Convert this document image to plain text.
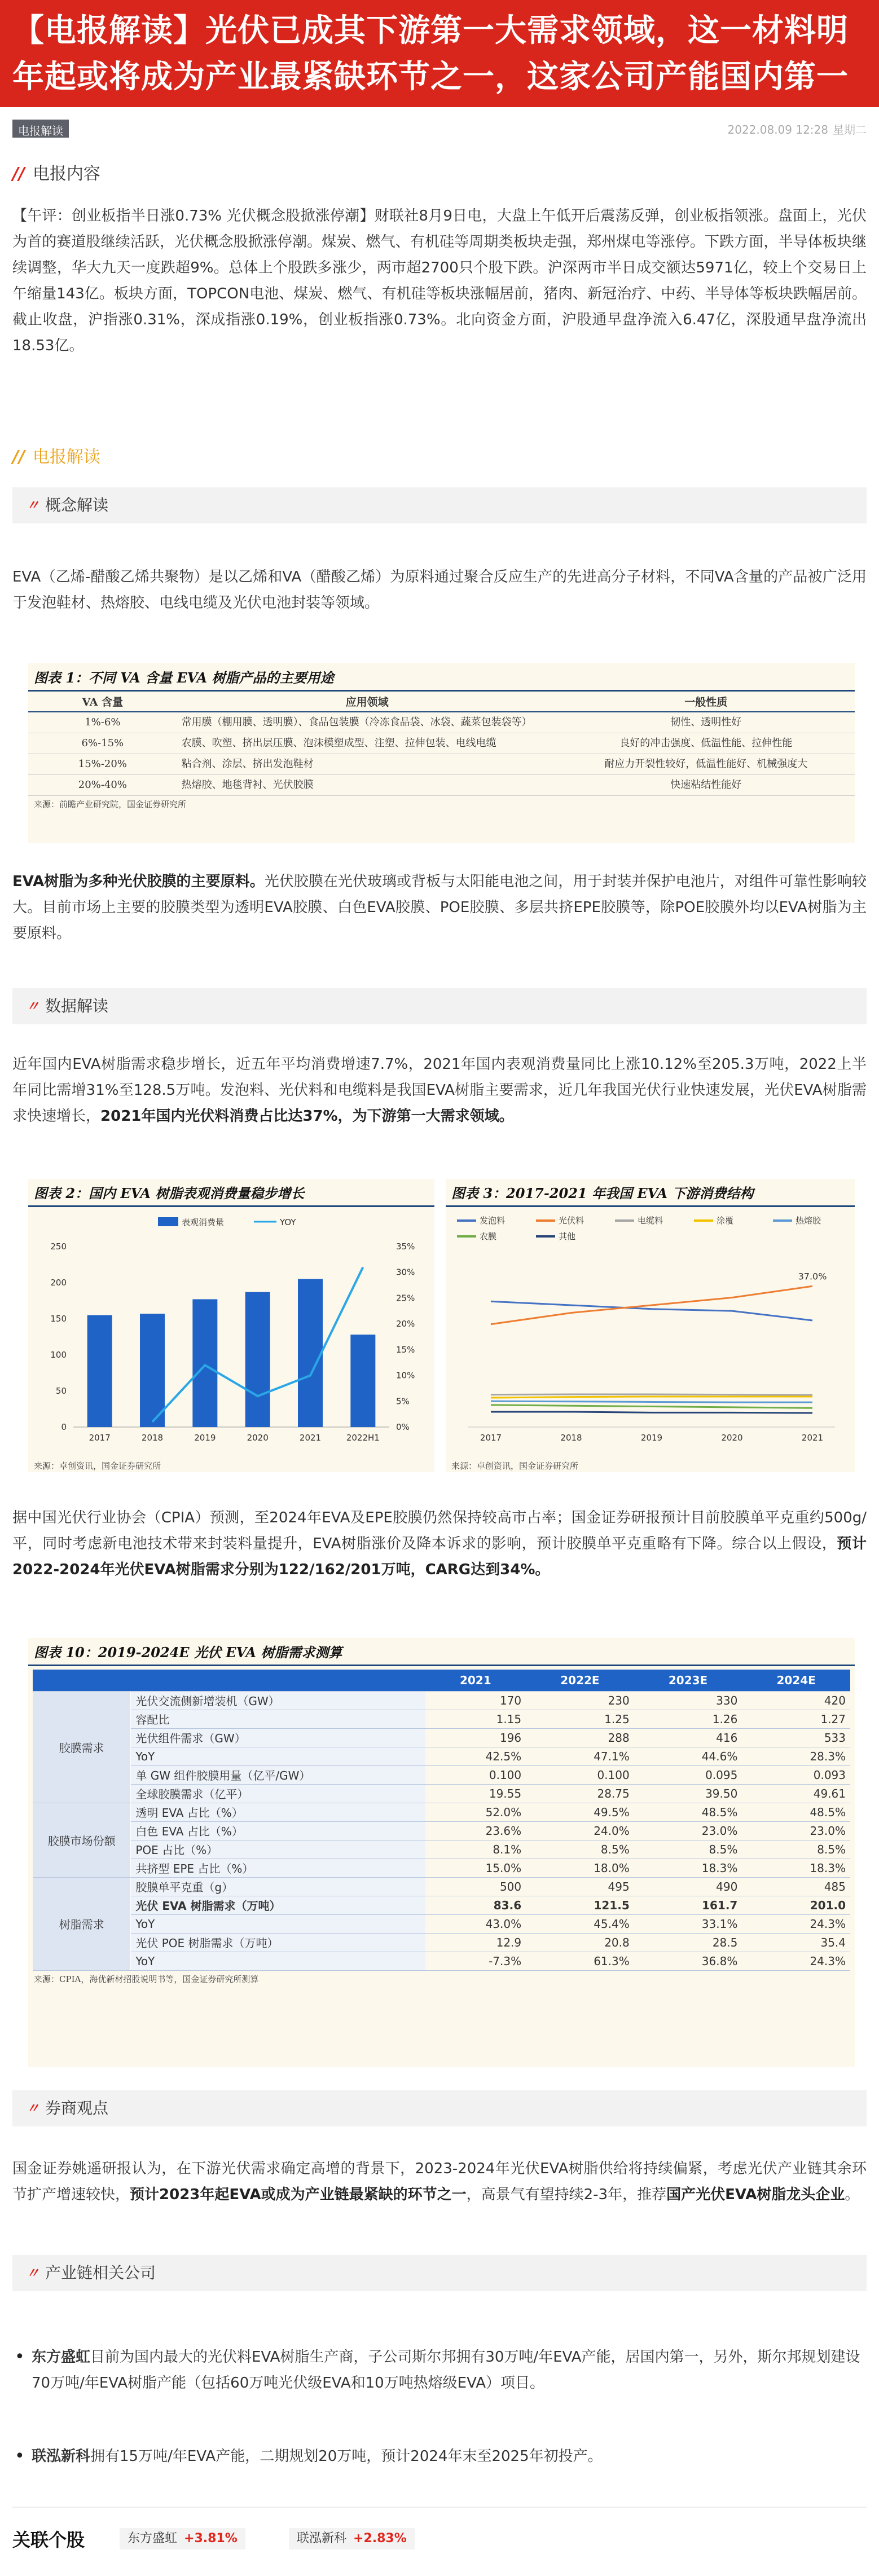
【电报解读】光伏已成其下游第一大需求领域，这一材料明年起或将成为产业最紧缺环节之一，这家公司产能国内第一
电报解读	2022.08.09 12:28 星期二
// 电报内容
【午评：创业板指半日涨0.73% 光伏概念股掀涨停潮】财联社8月9日电，大盘上午低开后震荡反弹，创业板指领涨。盘面上，光伏为首的赛道股继续活跃，光伏概念股掀涨停潮。煤炭、燃气、有机硅等周期类板块走强，郑州煤电等涨停。下跌方面，半导体板块继续调整，华大九天一度跌超9%。总体上个股跌多涨少，两市超2700只个股下跌。沪深两市半日成交额达5971亿，较上个交易日上午缩量143亿。板块方面，TOPCON电池、煤炭、燃气、有机硅等板块涨幅居前，猪肉、新冠治疗、中药、半导体等板块跌幅居前。截止收盘，沪指涨0.31%，深成指涨0.19%，创业板指涨0.73%。北向资金方面，沪股通早盘净流入6.47亿，深股通早盘净流出18.53亿。
// 电报解读
〃 概念解读
EVA（乙烯-醋酸乙烯共聚物）是以乙烯和VA（醋酸乙烯）为原料通过聚合反应生产的先进高分子材料，不同VA含量的产品被广泛用于发泡鞋材、热熔胶、电线电缆及光伏电池封装等领域。
图表 1：不同 VA 含量 EVA 树脂产品的主要用途
VA 含量	应用领域	一般性质
1%-6%	常用膜（棚用膜、透明膜）、食品包装膜（冷冻食品袋、冰袋、蔬菜包装袋等）	韧性、透明性好
6%-15%	农膜、吹塑、挤出层压膜、泡沫模塑成型、注塑、拉伸包装、电线电缆	良好的冲击强度、低温性能、拉伸性能
15%-20%	粘合剂、涂层、挤出发泡鞋材	耐应力开裂性较好，低温性能好、机械强度大
20%-40%	热熔胶、地毯背衬、光伏胶膜	快速粘结性能好
来源：前瞻产业研究院，国金证券研究所
EVA树脂为多种光伏胶膜的主要原料。光伏胶膜在光伏玻璃或背板与太阳能电池之间，用于封装并保护电池片，对组件可靠性影响较大。目前市场上主要的胶膜类型为透明EVA胶膜、白色EVA胶膜、POE胶膜、多层共挤EPE胶膜等，除POE胶膜外均以EVA树脂为主要原料。
〃 数据解读
近年国内EVA树脂需求稳步增长，近五年平均消费增速7.7%，2021年国内表观消费量同比上涨10.12%至205.3万吨，2022上半年同比需增31%至128.5万吨。发泡料、光伏料和电缆料是我国EVA树脂主要需求，近几年我国光伏行业快速发展，光伏EVA树脂需求快速增长，2021年国内光伏料消费占比达37%，为下游第一大需求领域。
图表 2：国内 EVA 树脂表观消费量稳步增长
表观消费量	YOY
0
50
100
150
200
250
0%
5%
10%
15%
20%
25%
30%
35%
2017	2018	2019	2020	2021	2022H1
来源：卓创资讯，国金证券研究所
图表 3：2017-2021 年我国 EVA 下游消费结构
发泡料	光伏料	电缆料	涂覆	热熔胶
农膜	其他
2017	2018	2019	2020	2021
37.0%
来源：卓创资讯，国金证券研究所
据中国光伏行业协会（CPIA）预测，至2024年EVA及EPE胶膜仍然保持较高市占率；国金证券研报预计目前胶膜单平克重约500g/平，同时考虑新电池技术带来封装料量提升，EVA树脂涨价及降本诉求的影响，预计胶膜单平克重略有下降。综合以上假设，预计2022-2024年光伏EVA树脂需求分别为122/162/201万吨，CARG达到34%。
图表 10：2019-2024E 光伏 EVA 树脂需求测算
		2021	2022E	2023E	2024E
胶膜需求	光伏交流侧新增装机（GW）	170	230	330	420
	容配比	1.15	1.25	1.26	1.27
	光伏组件需求（GW）	196	288	416	533
	YoY	42.5%	47.1%	44.6%	28.3%
	单 GW 组件胶膜用量（亿平/GW）	0.100	0.100	0.095	0.093
	全球胶膜需求（亿平）	19.55	28.75	39.50	49.61
胶膜市场份额	透明 EVA 占比（%）	52.0%	49.5%	48.5%	48.5%
	白色 EVA 占比（%）	23.6%	24.0%	23.0%	23.0%
	POE 占比（%）	8.1%	8.5%	8.5%	8.5%
	共挤型 EPE 占比（%）	15.0%	18.0%	18.3%	18.3%
树脂需求	胶膜单平克重（g）	500	495	490	485
	光伏 EVA 树脂需求（万吨）	83.6	121.5	161.7	201.0
	YoY	43.0%	45.4%	33.1%	24.3%
	光伏 POE 树脂需求（万吨）	12.9	20.8	28.5	35.4
	YoY	-7.3%	61.3%	36.8%	24.3%
来源：CPIA，海优新材招股说明书等，国金证券研究所测算
〃 券商观点
国金证券姚遥研报认为，在下游光伏需求确定高增的背景下，2023-2024年光伏EVA树脂供给将持续偏紧，考虑光伏产业链其余环节扩产增速较快，预计2023年起EVA或成为产业链最紧缺的环节之一，高景气有望持续2-3年，推荐国产光伏EVA树脂龙头企业。
〃 产业链相关公司
• 东方盛虹目前为国内最大的光伏料EVA树脂生产商，子公司斯尔邦拥有30万吨/年EVA产能，居国内第一，另外，斯尔邦规划建设70万吨/年EVA树脂产能（包括60万吨光伏级EVA和10万吨热熔级EVA）项目。
• 联泓新科拥有15万吨/年EVA产能，二期规划20万吨，预计2024年末至2025年初投产。
关联个股	东方盛虹 +3.81%	联泓新科 +2.83%
